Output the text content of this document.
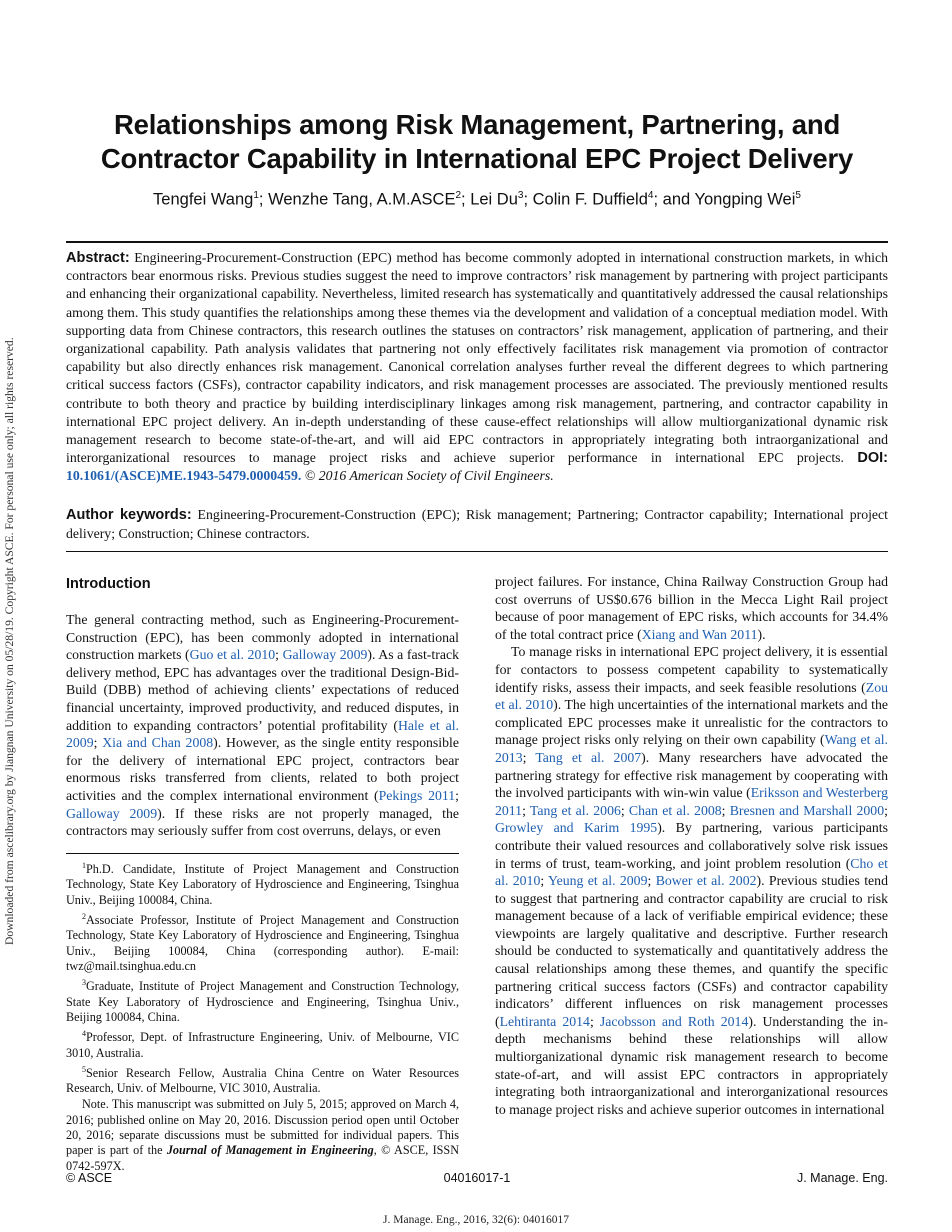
Downloaded from ascelibrary.org by Jiangnan University on 05/28/19. Copyright ASCE. For personal use only; all rights reserved.
Relationships among Risk Management, Partnering, and
Contractor Capability in International EPC Project Delivery
Tengfei Wang$^1$; Wenzhe Tang, A.M.ASCE$^2$; Lei Du$^3$; Colin F. Duffield$^4$; and Yongping Wei$^5$

Abstract: Engineering-Procurement-Construction (EPC) method has become commonly adopted in international construction markets, in which contractors bear enormous risks. Previous studies suggest the need to improve contractors’ risk management by partnering with project participants and enhancing their organizational capability. Nevertheless, limited research has systematically and quantitatively addressed the causal relationships among them. This study quantifies the relationships among these themes via the development and validation of a conceptual mediation model. With supporting data from Chinese contractors, this research outlines the statuses on contractors’ risk management, application of partnering, and their organizational capability. Path analysis validates that partnering not only effectively facilitates risk management via promotion of contractor capability but also directly enhances risk management. Canonical correlation analyses further reveal the different degrees to which partnering critical success factors (CSFs), contractor capability indicators, and risk management processes are associated. The previously mentioned results contribute to both theory and practice by building interdisciplinary linkages among risk management, partnering, and contractor capability in international EPC project delivery. An in-depth understanding of these cause-effect relationships will allow multiorganizational dynamic risk management research to become state-of-the-art, and will aid EPC contractors in appropriately integrating both intraorganizational and interorganizational resources to manage project risks and achieve superior performance in international EPC projects. DOI: 10.1061/(ASCE)ME.1943-5479.0000459. © 2016 American Society of Civil Engineers.

Author keywords: Engineering-Procurement-Construction (EPC); Risk management; Partnering; Contractor capability; International project delivery; Construction; Chinese contractors.

Introduction

The general contracting method, such as Engineering-Procurement-Construction (EPC), has been commonly adopted in international construction markets (Guo et al. 2010; Galloway 2009). As a fast-track delivery method, EPC has advantages over the traditional Design-Bid-Build (DBB) method of achieving clients’ expectations of reduced financial uncertainty, improved productivity, and reduced disputes, in addition to expanding contractors’ potential profitability (Hale et al. 2009; Xia and Chan 2008). However, as the single entity responsible for the delivery of international EPC project, contractors bear enormous risks transferred from clients, related to both project activities and the complex international environment (Pekings 2011; Galloway 2009). If these risks are not properly managed, the contractors may seriously suffer from cost overruns, delays, or even

project failures. For instance, China Railway Construction Group had cost overruns of US$0.676 billion in the Mecca Light Rail project because of poor management of EPC risks, which accounts for 34.4% of the total contract price (Xiang and Wan 2011).

To manage risks in international EPC project delivery, it is essential for contactors to possess competent capability to systematically identify risks, assess their impacts, and seek feasible resolutions (Zou et al. 2010). The high uncertainties of the international markets and the complicated EPC processes make it unrealistic for the contractors to manage project risks only relying on their own capability (Wang et al. 2013; Tang et al. 2007). Many researchers have advocated the partnering strategy for effective risk management by cooperating with the involved participants with win-win value (Eriksson and Westerberg 2011; Tang et al. 2006; Chan et al. 2008; Bresnen and Marshall 2000; Growley and Karim 1995). By partnering, various participants contribute their valued resources and collaboratively solve risk issues in terms of trust, team-working, and joint problem resolution (Cho et al. 2010; Yeung et al. 2009; Bower et al. 2002). Previous studies tend to suggest that partnering and contractor capability are crucial to risk management because of a lack of verifiable empirical evidence; these viewpoints are largely qualitative and descriptive. Further research should be conducted to systematically and quantitatively address the causal relationships among these themes, and quantify the specific partnering critical success factors (CSFs) and contractor capability indicators’ different influences on risk management processes (Lehtiranta 2014; Jacobsson and Roth 2014). Understanding the in-depth mechanisms behind these relationships will allow multiorganizational dynamic risk management research to become state-of-art, and will assist EPC contractors in appropriately integrating both intraorganizational and interorganizational resources to manage project risks and achieve superior outcomes in international

$^1$Ph.D. Candidate, Institute of Project Management and Construction Technology, State Key Laboratory of Hydroscience and Engineering, Tsinghua Univ., Beijing 100084, China.

$^2$Associate Professor, Institute of Project Management and Construction Technology, State Key Laboratory of Hydroscience and Engineering, Tsinghua Univ., Beijing 100084, China (corresponding author). E-mail: twz@mail.tsinghua.edu.cn

$^3$Graduate, Institute of Project Management and Construction Technology, State Key Laboratory of Hydroscience and Engineering, Tsinghua Univ., Beijing 100084, China.

$^4$Professor, Dept. of Infrastructure Engineering, Univ. of Melbourne, VIC 3010, Australia.

$^5$Senior Research Fellow, Australia China Centre on Water Resources Research, Univ. of Melbourne, VIC 3010, Australia.

Note. This manuscript was submitted on July 5, 2015; approved on March 4, 2016; published online on May 20, 2016. Discussion period open until October 20, 2016; separate discussions must be submitted for individual papers. This paper is part of the Journal of Management in Engineering, © ASCE, ISSN 0742-597X.

© ASCE	04016017-1	J. Manage. Eng.
J. Manage. Eng., 2016, 32(6): 04016017
